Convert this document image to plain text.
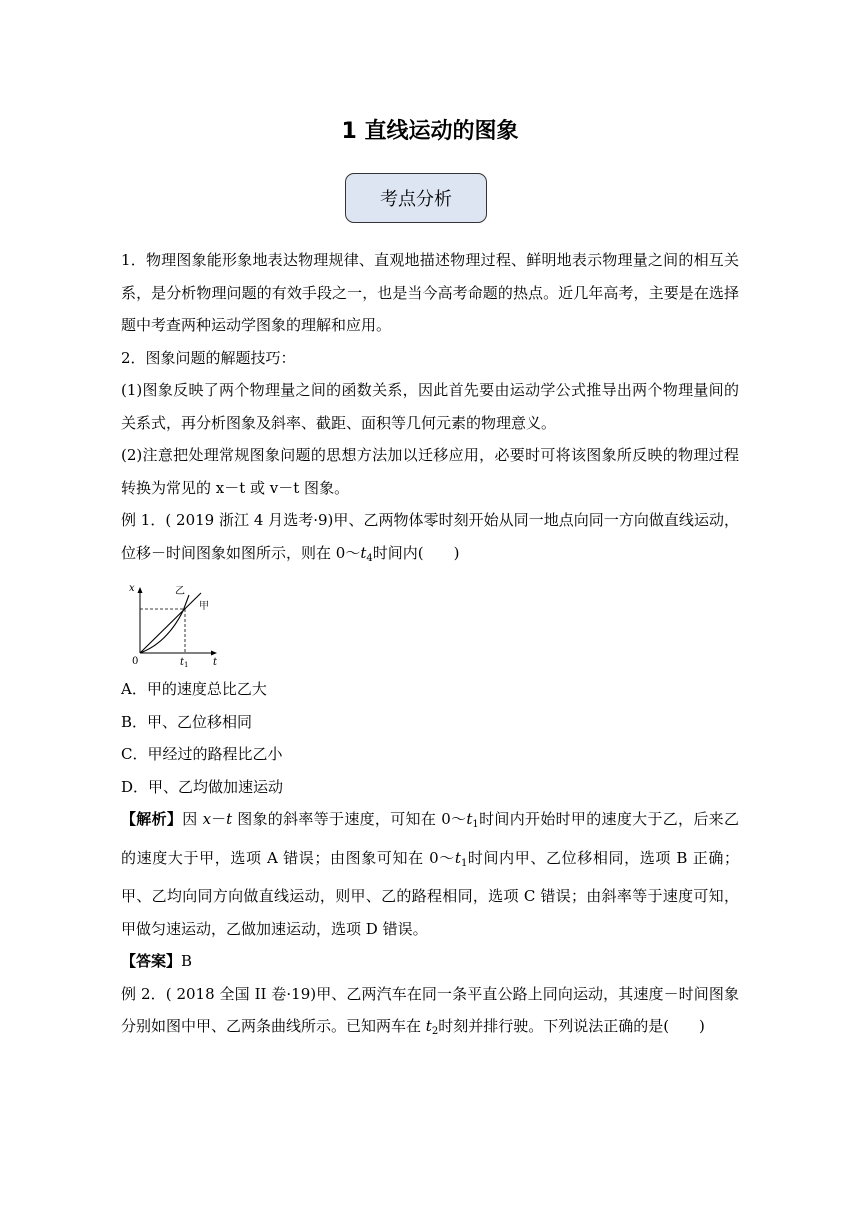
1 直线运动的图象
考点分析

1．物理图象能形象地表达物理规律、直观地描述物理过程、鲜明地表示物理量之间的相互关系，是分析物理问题的有效手段之一，也是当今高考命题的热点。近几年高考，主要是在选择题中考查两种运动学图象的理解和应用。

2．图象问题的解题技巧：

(1)图象反映了两个物理量之间的函数关系，因此首先要由运动学公式推导出两个物理量间的关系式，再分析图象及斜率、截距、面积等几何元素的物理意义。

(2)注意把处理常规图象问题的思想方法加以迁移应用，必要时可将该图象所反映的物理过程转换为常见的 x－t 或 v－t 图象。

例 1．( 2019 浙江 4 月选考·9)甲、乙两物体零时刻开始从同一地点向同一方向做直线运动，位移－时间图象如图所示，则在 $0\sim t_4$时间内(　　)

x
t
0	t 1
乙
甲

A．甲的速度总比乙大

B．甲、乙位移相同

C．甲经过的路程比乙小

D．甲、乙均做加速运动

【解析】因 x－t 图象的斜率等于速度，可知在 $0\sim t_1$时间内开始时甲的速度大于乙，后来乙的速度大于甲，选项 A 错误；由图象可知在 $0\sim t_1$时间内甲、乙位移相同，选项 B 正确；甲、乙均向同方向做直线运动，则甲、乙的路程相同，选项 C 错误；由斜率等于速度可知，甲做匀速运动，乙做加速运动，选项 D 错误。

【答案】B

例 2．( 2018 全国 II 卷·19)甲、乙两汽车在同一条平直公路上同向运动，其速度－时间图象分别如图中甲、乙两条曲线所示。已知两车在 $t_2$时刻并排行驶。下列说法正确的是(　　)
